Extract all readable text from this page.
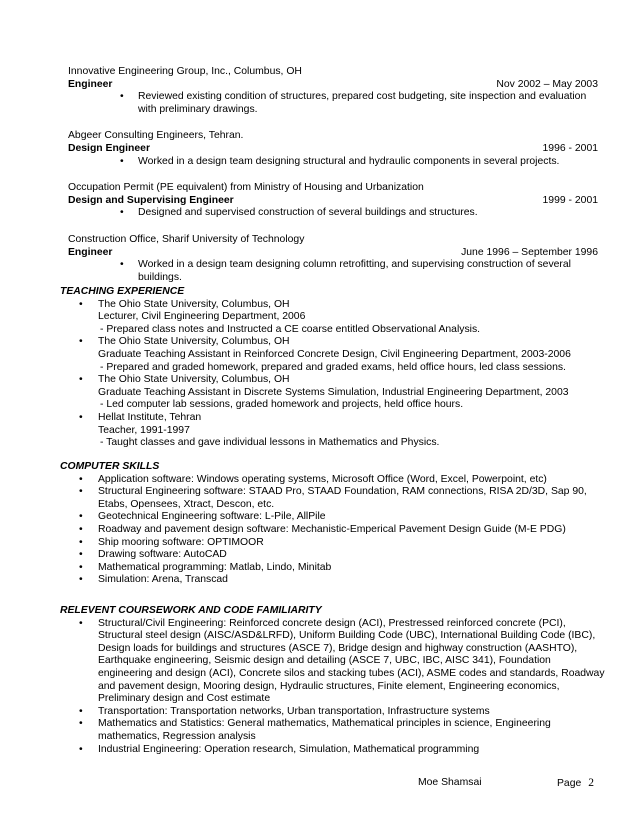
Innovative Engineering Group, Inc., Columbus, OH
Engineer	Nov 2002 – May 2003
• Reviewed existing condition of structures, prepared cost budgeting, site inspection and evaluation with preliminary drawings.
Abgeer Consulting Engineers, Tehran.
Design Engineer	1996 - 2001
• Worked in a design team designing structural and hydraulic components in several projects.
Occupation Permit (PE equivalent) from Ministry of Housing and Urbanization
Design and Supervising Engineer	1999 - 2001
• Designed and supervised construction of several buildings and structures.
Construction Office, Sharif University of Technology
Engineer	June 1996 – September 1996
• Worked in a design team designing column retrofitting, and supervising construction of several buildings.
TEACHING EXPERIENCE
• The Ohio State University, Columbus, OH
Lecturer, Civil Engineering Department, 2006
- Prepared class notes and Instructed a CE coarse entitled Observational Analysis.
• The Ohio State University, Columbus, OH
Graduate Teaching Assistant in Reinforced Concrete Design, Civil Engineering Department, 2003-2006
- Prepared and graded homework, prepared and graded exams, held office hours, led class sessions.
• The Ohio State University, Columbus, OH
Graduate Teaching Assistant in Discrete Systems Simulation, Industrial Engineering Department, 2003
- Led computer lab sessions, graded homework and projects, held office hours.
• Hellat Institute, Tehran
Teacher, 1991-1997
- Taught classes and gave individual lessons in Mathematics and Physics.
COMPUTER SKILLS
• Application software: Windows operating systems, Microsoft Office (Word, Excel, Powerpoint, etc)
• Structural Engineering software: STAAD Pro, STAAD Foundation, RAM connections, RISA 2D/3D, Sap 90, Etabs, Opensees, Xtract, Descon, etc.
• Geotechnical Engineering software: L-Pile, AllPile
• Roadway and pavement design software: Mechanistic-Emperical Pavement Design Guide (M-E PDG)
• Ship mooring software: OPTIMOOR
• Drawing software: AutoCAD
• Mathematical programming: Matlab, Lindo, Minitab
• Simulation: Arena, Transcad
RELEVENT COURSEWORK AND CODE FAMILIARITY
• Structural/Civil Engineering: Reinforced concrete design (ACI), Prestressed reinforced concrete (PCI), Structural steel design (AISC/ASD&LRFD), Uniform Building Code (UBC), International Building Code (IBC), Design loads for buildings and structures (ASCE 7), Bridge design and highway construction (AASHTO), Earthquake engineering, Seismic design and detailing (ASCE 7, UBC, IBC, AISC 341), Foundation engineering and design (ACI), Concrete silos and stacking tubes (ACI), ASME codes and standards, Roadway and pavement design, Mooring design, Hydraulic structures, Finite element, Engineering economics, Preliminary design and Cost estimate
• Transportation: Transportation networks, Urban transportation, Infrastructure systems
• Mathematics and Statistics: General mathematics, Mathematical principles in science, Engineering mathematics, Regression analysis
• Industrial Engineering: Operation research, Simulation, Mathematical programming
Moe Shamsai	Page 2
